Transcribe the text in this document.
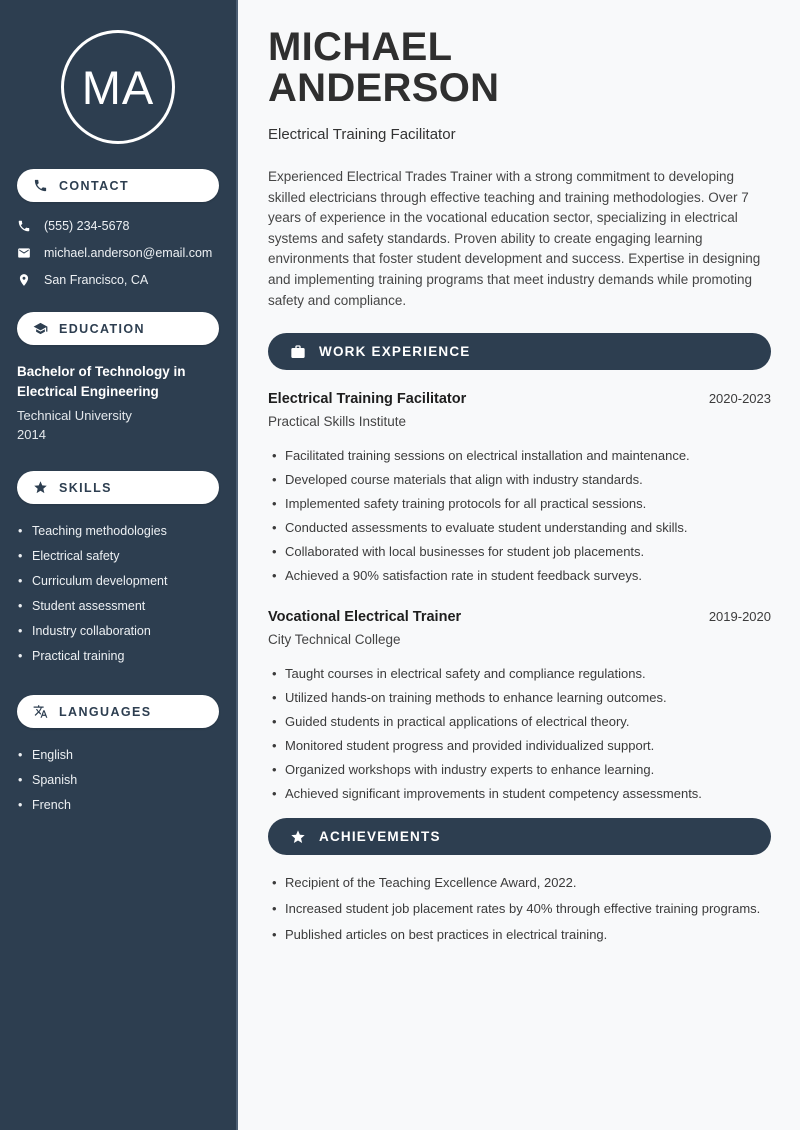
MA
CONTACT
(555) 234-5678
michael.anderson@email.com
San Francisco, CA
EDUCATION
Bachelor of Technology in Electrical Engineering
Technical University
2014
SKILLS
• Teaching methodologies
• Electrical safety
• Curriculum development
• Student assessment
• Industry collaboration
• Practical training
LANGUAGES
• English
• Spanish
• French
MICHAEL
ANDERSON
Electrical Training Facilitator

Experienced Electrical Trades Trainer with a strong commitment to developing skilled electricians through effective teaching and training methodologies. Over 7 years of experience in the vocational education sector, specializing in electrical systems and safety standards. Proven ability to create engaging learning environments that foster student development and success. Expertise in designing and implementing training programs that meet industry demands while promoting safety and compliance.

WORK EXPERIENCE
Electrical Training Facilitator	2020-2023
Practical Skills Institute
• Facilitated training sessions on electrical installation and maintenance.
• Developed course materials that align with industry standards.
• Implemented safety training protocols for all practical sessions.
• Conducted assessments to evaluate student understanding and skills.
• Collaborated with local businesses for student job placements.
• Achieved a 90% satisfaction rate in student feedback surveys.
Vocational Electrical Trainer	2019-2020
City Technical College
• Taught courses in electrical safety and compliance regulations.
• Utilized hands-on training methods to enhance learning outcomes.
• Guided students in practical applications of electrical theory.
• Monitored student progress and provided individualized support.
• Organized workshops with industry experts to enhance learning.
• Achieved significant improvements in student competency assessments.
ACHIEVEMENTS
• Recipient of the Teaching Excellence Award, 2022.
• Increased student job placement rates by 40% through effective training programs.
• Published articles on best practices in electrical training.
